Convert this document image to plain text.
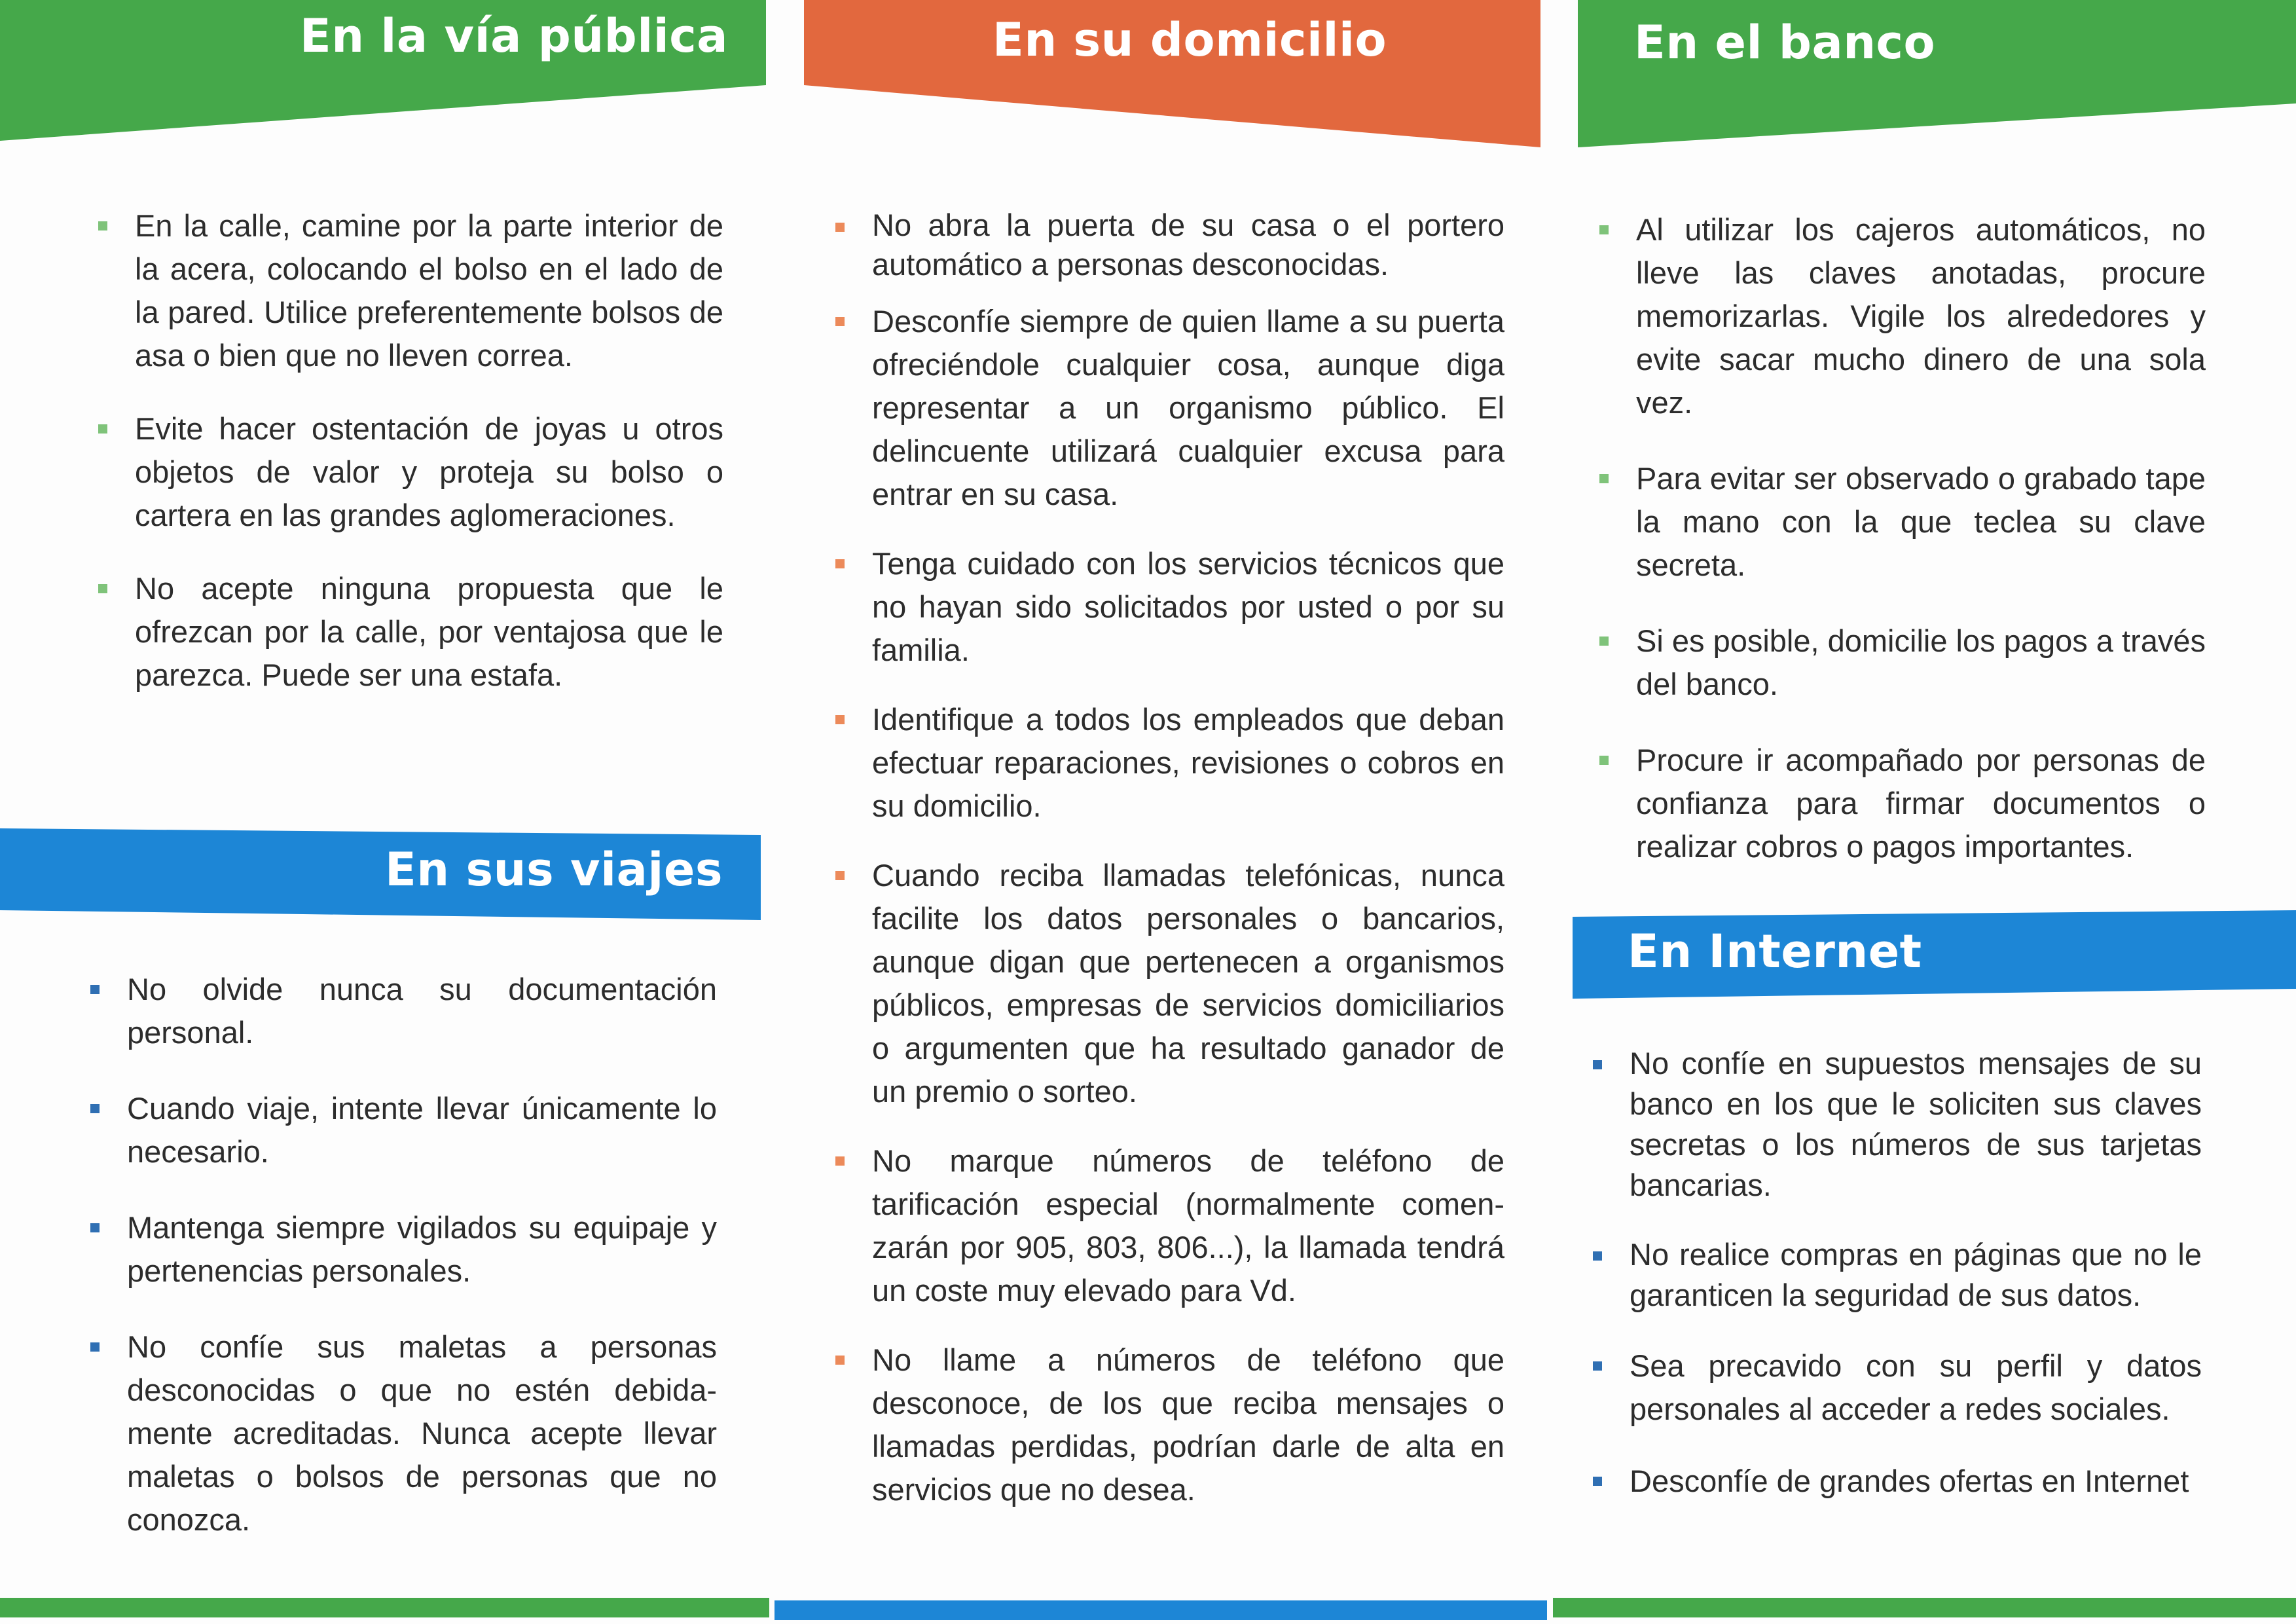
En la vía pública
En la calle, camine por la parte interior de la acera, colocando el bolso en el lado de la pared. Utilice preferentemente bolsos de asa o bien que no lleven correa.
Evite hacer ostentación de joyas u otros objetos de valor y proteja su bolso o cartera en las grandes aglomeraciones.
No acepte ninguna propuesta que le ofrezcan por la calle, por ventajosa que le parezca. Puede ser una estafa.
En sus viajes
No olvide nunca su documentación personal.
Cuando viaje, intente llevar únicamente lo necesario.
Mantenga siempre vigilados su equipaje y pertenencias personales.
No confíe sus maletas a personas desconocidas o que no estén debida-mente acreditadas. Nunca acepte llevar maletas o bolsos de personas que no conozca.
En su domicilio
No abra la puerta de su casa o el portero automático a personas desconocidas.
Desconfíe siempre de quien llame a su puerta ofreciéndole cualquier cosa, aunque diga representar a un organismo público. El delincuente utilizará cualquier excusa para entrar en su casa.
Tenga cuidado con los servicios técnicos que no hayan sido solicitados por usted o por su familia.
Identifique a todos los empleados que deban efectuar reparaciones, revisiones o cobros en su domicilio.
Cuando reciba llamadas telefónicas, nunca facilite los datos personales o bancarios, aunque digan que pertenecen a organismos públicos, empresas de servicios domiciliarios o argumenten que ha resultado ganador de un premio o sorteo.
No marque números de teléfono de tarificación especial (normalmente comen-zarán por 905, 803, 806...), la llamada tendrá un coste muy elevado para Vd.
No llame a números de teléfono que desconoce, de los que reciba mensajes o llamadas perdidas, podrían darle de alta en servicios que no desea.
En el banco
Al utilizar los cajeros automáticos, no lleve las claves anotadas, procure memorizarlas. Vigile los alrededores y evite sacar mucho dinero de una sola vez.
Para evitar ser observado o grabado tape la mano con la que teclea su clave secreta.
Si es posible, domicilie los pagos a través del banco.
Procure ir acompañado por personas de confianza para firmar documentos o realizar cobros o pagos importantes.
En Internet
No confíe en supuestos mensajes de su banco en los que le soliciten sus claves secretas o los números de sus tarjetas bancarias.
No realice compras en páginas que no le garanticen la seguridad de sus datos.
Sea precavido con su perfil y datos personales al acceder a redes sociales.
Desconfíe de grandes ofertas en Internet
